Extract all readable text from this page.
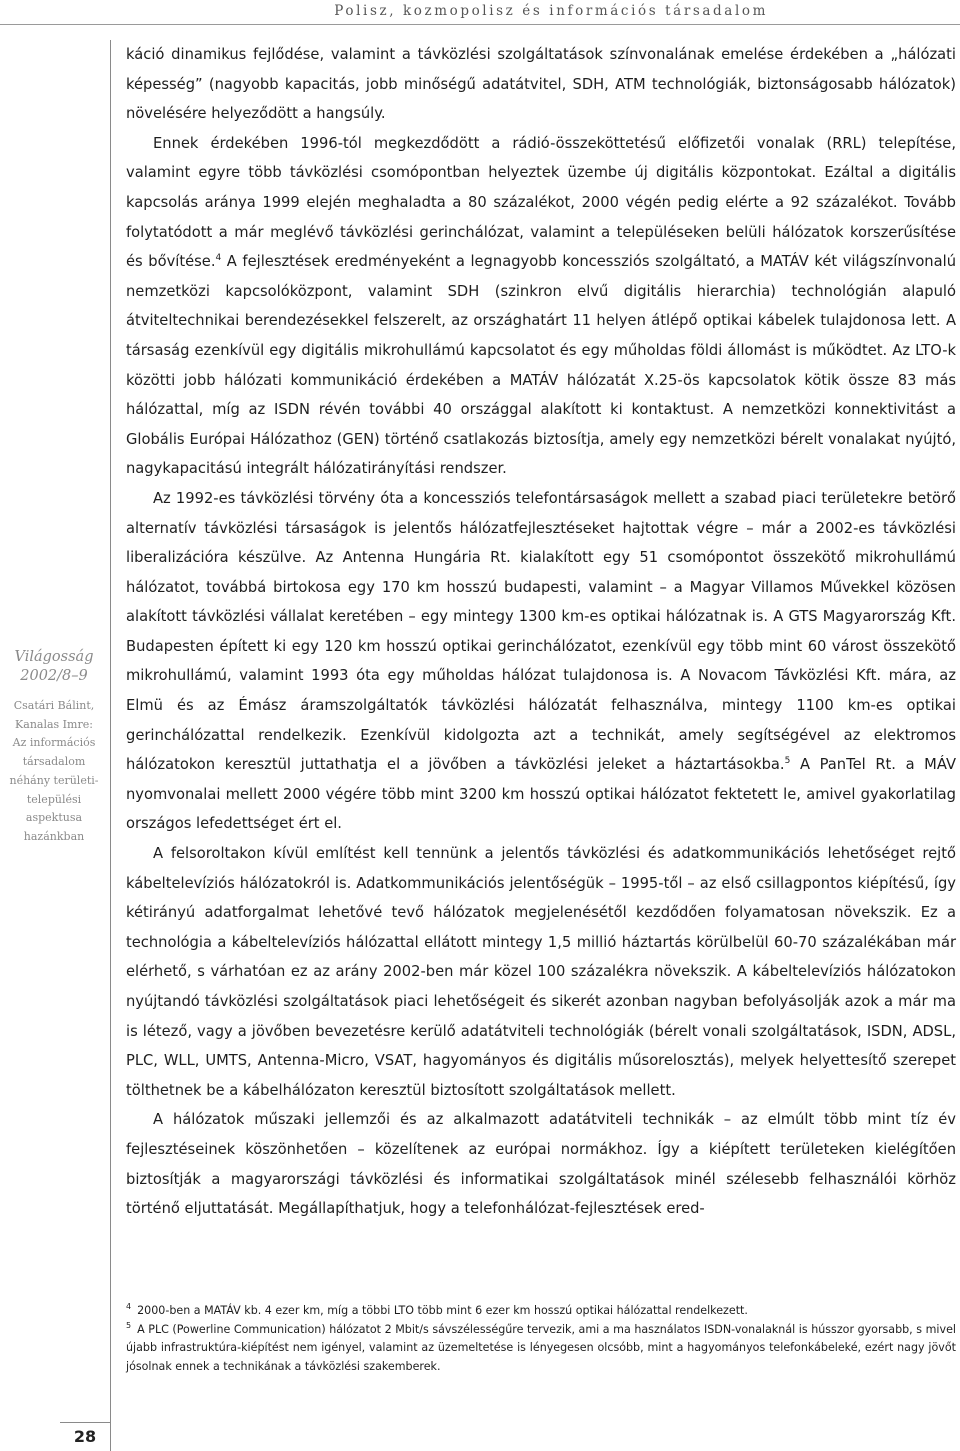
Polisz, kozmopolisz és információs társadalom
Világosság
2002/8–9
Csatári Bálint,
Kanalas Imre:
Az információs
társadalom
néhány területi-
települési
aspektusa
hazánkban

káció dinamikus fejlődése, valamint a távközlési szolgáltatások színvonalának emelése érdekében a „hálózati képesség” (nagyobb kapacitás, jobb minőségű adatátvitel, SDH, ATM technológiák, biztonságosabb hálózatok) növelésére helyeződött a hangsúly.

Ennek érdekében 1996-tól megkezdődött a rádió-összeköttetésű előfizetői vonalak (RRL) telepítése, valamint egyre több távközlési csomópontban helyeztek üzembe új digitális központokat. Ezáltal a digitális kapcsolás aránya 1999 elején meghaladta a 80 százalékot, 2000 végén pedig elérte a 92 százalékot. Tovább folytatódott a már meglévő távközlési gerinchálózat, valamint a településeken belüli hálózatok korszerűsítése és bővítése.$^4$ A fejlesztések eredményeként a legnagyobb koncessziós szolgáltató, a MATÁV két világszínvonalú nemzetközi kapcsolóközpont, valamint SDH (szinkron elvű digitális hierarchia) technológián alapuló átviteltechnikai berendezésekkel felszerelt, az országhatárt 11 helyen átlépő optikai kábelek tulajdonosa lett. A társaság ezenkívül egy digitális mikrohullámú kapcsolatot és egy műholdas földi állomást is működtet. Az LTO-k közötti jobb hálózati kommunikáció érdekében a MATÁV hálózatát X.25-ös kapcsolatok kötik össze 83 más hálózattal, míg az ISDN révén további 40 országgal alakított ki kontaktust. A nemzetközi konnektivitást a Globális Európai Hálózathoz (GEN) történő csatlakozás biztosítja, amely egy nemzetközi bérelt vonalakat nyújtó, nagykapacitású integrált hálózatirányítási rendszer.

Az 1992-es távközlési törvény óta a koncessziós telefontársaságok mellett a szabad piaci területekre betörő alternatív távközlési társaságok is jelentős hálózatfejlesztéseket hajtottak végre – már a 2002-es távközlési liberalizációra készülve. Az Antenna Hungária Rt. kialakított egy 51 csomópontot összekötő mikrohullámú hálózatot, továbbá birtokosa egy 170 km hosszú budapesti, valamint – a Magyar Villamos Művekkel közösen alakított távközlési vállalat keretében – egy mintegy 1300 km-es optikai hálózatnak is. A GTS Magyarország Kft. Budapesten épített ki egy 120 km hosszú optikai gerinchálózatot, ezenkívül egy több mint 60 várost összekötő mikrohullámú, valamint 1993 óta egy műholdas hálózat tulajdonosa is. A Novacom Távközlési Kft. mára, az Elmü és az Émász áramszolgáltatók távközlési hálózatát felhasználva, mintegy 1100 km-es optikai gerinchálózattal rendelkezik. Ezenkívül kidolgozta azt a technikát, amely segítségével az elektromos hálózatokon keresztül juttathatja el a jövőben a távközlési jeleket a háztartásokba.$^5$ A PanTel Rt. a MÁV nyomvonalai mellett 2000 végére több mint 3200 km hosszú optikai hálózatot fektetett le, amivel gyakorlatilag országos lefedettséget ért el.

A felsoroltakon kívül említést kell tennünk a jelentős távközlési és adatkommunikációs lehetőséget rejtő kábeltelevíziós hálózatokról is. Adatkommunikációs jelentőségük – 1995-től – az első csillagpontos kiépítésű, így kétirányú adatforgalmat lehetővé tevő hálózatok megjelenésétől kezdődően folyamatosan növekszik. Ez a technológia a kábeltelevíziós hálózattal ellátott mintegy 1,5 millió háztartás körülbelül 60-70 százalékában már elérhető, s várhatóan ez az arány 2002-ben már közel 100 százalékra növekszik. A kábeltelevíziós hálózatokon nyújtandó távközlési szolgáltatások piaci lehetőségeit és sikerét azonban nagyban befolyásolják azok a már ma is létező, vagy a jövőben bevezetésre kerülő adatátviteli technológiák (bérelt vonali szolgáltatások, ISDN, ADSL, PLC, WLL, UMTS, Antenna-Micro, VSAT, hagyományos és digitális műsorelosztás), melyek helyettesítő szerepet tölthetnek be a kábelhálózaton keresztül biztosított szolgáltatások mellett.

A hálózatok műszaki jellemzői és az alkalmazott adatátviteli technikák – az elmúlt több mint tíz év fejlesztéseinek köszönhetően – közelítenek az európai normákhoz. Így a kiépített területeken kielégítően biztosítják a magyarországi távközlési és informatikai szolgáltatások minél szélesebb felhasználói körhöz történő eljuttatását. Megállapíthatjuk, hogy a telefonhálózat-fejlesztések ered-

$^4$ 2000-ben a MATÁV kb. 4 ezer km, míg a többi LTO több mint 6 ezer km hosszú optikai hálózattal rendelkezett.

$^5$ A PLC (Powerline Communication) hálózatot 2 Mbit/s sávszélességűre tervezik, ami a ma használatos ISDN-vonalaknál is hússzor gyorsabb, s mivel újabb infrastruktúra-kiépítést nem igényel, valamint az üzemeltetése is lényegesen olcsóbb, mint a hagyományos telefonkábeleké, ezért nagy jövőt jósolnak ennek a technikának a távközlési szakemberek.

28
